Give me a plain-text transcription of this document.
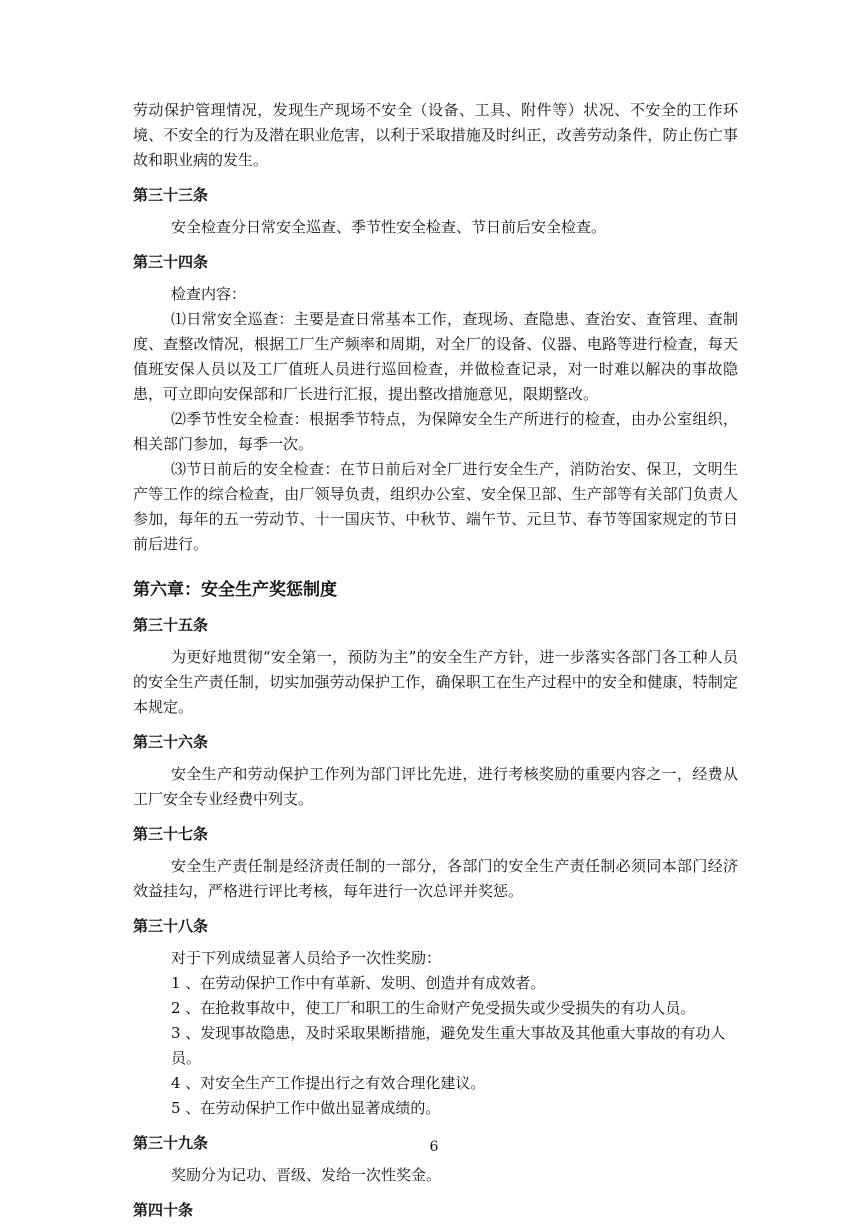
劳动保护管理情况，发现生产现场不安全（设备、工具、附件等）状况、不安全的工作环境、不安全的行为及潜在职业危害，以利于采取措施及时纠正，改善劳动条件，防止伤亡事故和职业病的发生。

第三十三条

安全检查分日常安全巡查、季节性安全检查、节日前后安全检查。

第三十四条

检查内容：

⑴日常安全巡查：主要是查日常基本工作，查现场、查隐患、查治安、查管理、查制度、查整改情况，根据工厂生产频率和周期，对全厂的设备、仪器、电路等进行检查，每天值班安保人员以及工厂值班人员进行巡回检查，并做检查记录，对一时难以解决的事故隐患，可立即向安保部和厂长进行汇报，提出整改措施意见，限期整改。

⑵季节性安全检查：根据季节特点，为保障安全生产所进行的检查，由办公室组织，相关部门参加，每季一次。

⑶节日前后的安全检查：在节日前后对全厂进行安全生产，消防治安、保卫，文明生产等工作的综合检查，由厂领导负责，组织办公室、安全保卫部、生产部等有关部门负责人参加，每年的五一劳动节、十一国庆节、中秋节、端午节、元旦节、春节等国家规定的节日前后进行。

第六章：安全生产奖惩制度
第三十五条

为更好地贯彻“安全第一，预防为主”的安全生产方针，进一步落实各部门各工种人员的安全生产责任制，切实加强劳动保护工作，确保职工在生产过程中的安全和健康，特制定本规定。

第三十六条

安全生产和劳动保护工作列为部门评比先进，进行考核奖励的重要内容之一，经费从工厂安全专业经费中列支。

第三十七条

安全生产责任制是经济责任制的一部分，各部门的安全生产责任制必须同本部门经济效益挂勾，严格进行评比考核，每年进行一次总评并奖惩。

第三十八条

对于下列成绩显著人员给予一次性奖励：

1 、在劳动保护工作中有革新、发明、创造并有成效者。

2 、在抢救事故中，使工厂和职工的生命财产免受损失或少受损失的有功人员。

3 、发现事故隐患，及时采取果断措施，避免发生重大事故及其他重大事故的有功人员。

4 、对安全生产工作提出行之有效合理化建议。

5 、在劳动保护工作中做出显著成绩的。

第三十九条

奖励分为记功、晋级、发给一次性奖金。

第四十条
6
